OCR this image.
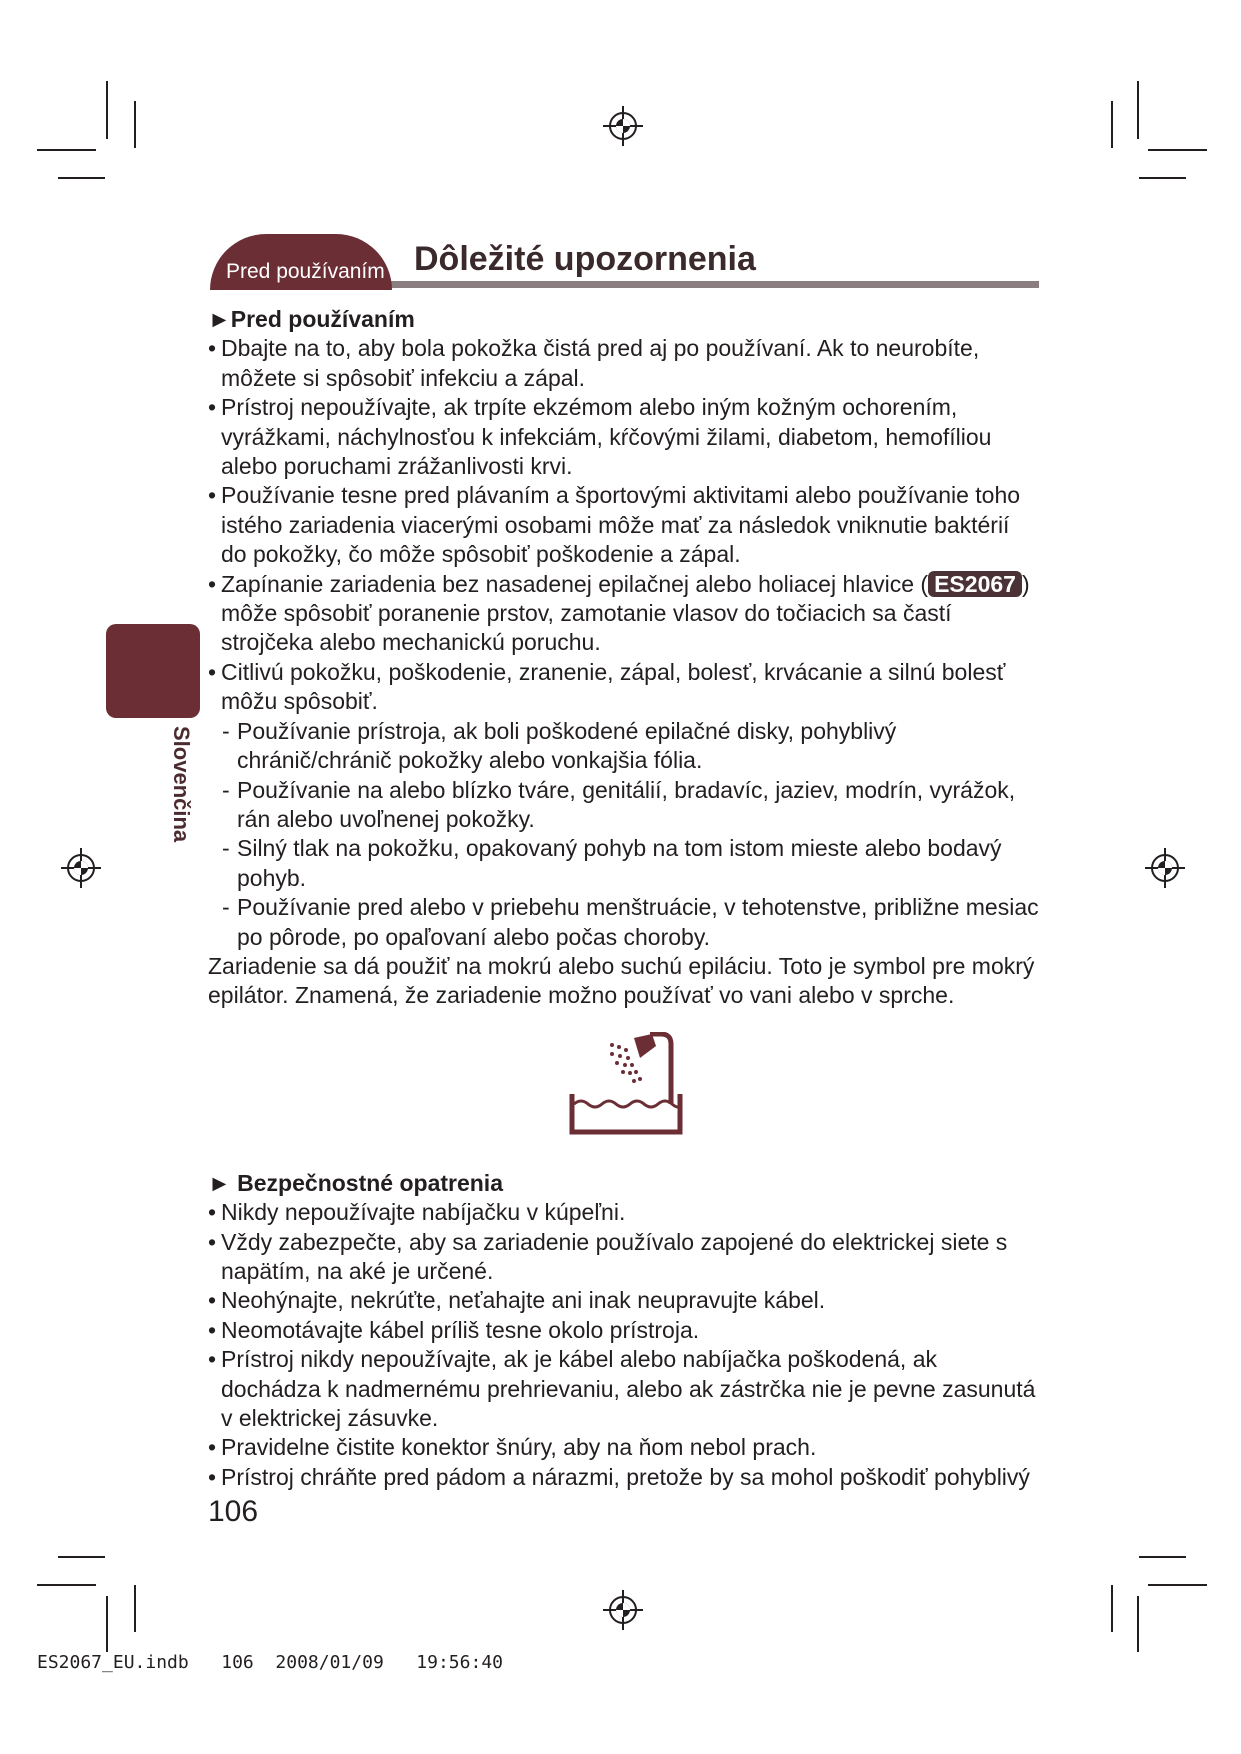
Pred používaním Dôležité upozornenia
Slovenčina

►Pred používaním

• Dbajte na to, aby bola pokožka čistá pred aj po používaní. Ak to neurobíte, môžete si spôsobiť infekciu a zápal.

• Prístroj nepoužívajte, ak trpíte ekzémom alebo iným kožným ochorením, vyrážkami, náchylnosťou k infekciám, kŕčovými žilami, diabetom, hemofíliou alebo poruchami zrážanlivosti krvi.

• Používanie tesne pred plávaním a športovými aktivitami alebo používanie toho istého zariadenia viacerými osobami môže mať za následok vniknutie baktérií do pokožky, čo môže spôsobiť poškodenie a zápal.

• Zapínanie zariadenia bez nasadenej epilačnej alebo holiacej hlavice ( ES2067 ) môže spôsobiť poranenie prstov, zamotanie vlasov do točiacich sa častí strojčeka alebo mechanickú poruchu.

• Citlivú pokožku, poškodenie, zranenie, zápal, bolesť, krvácanie a silnú bolesť môžu spôsobiť.

- Používanie prístroja, ak boli poškodené epilačné disky, pohyblivý chránič/chránič pokožky alebo vonkajšia fólia.

- Používanie na alebo blízko tváre, genitálií, bradavíc, jaziev, modrín, vyrážok, rán alebo uvoľnenej pokožky.

- Silný tlak na pokožku, opakovaný pohyb na tom istom mieste alebo bodavý pohyb.

- Používanie pred alebo v priebehu menštruácie, v tehotenstve, približne mesiac po pôrode, po opaľovaní alebo počas choroby.

Zariadenie sa dá použiť na mokrú alebo suchú epiláciu. Toto je symbol pre mokrý epilátor. Znamená, že zariadenie možno používať vo vani alebo v sprche.

► Bezpečnostné opatrenia

• Nikdy nepoužívajte nabíjačku v kúpeľni.

• Vždy zabezpečte, aby sa zariadenie používalo zapojené do elektrickej siete s napätím, na aké je určené.

• Neohýnajte, nekrúťte, neťahajte ani inak neupravujte kábel.

• Neomotávajte kábel príliš tesne okolo prístroja.

• Prístroj nikdy nepoužívajte, ak je kábel alebo nabíjačka poškodená, ak dochádza k nadmernému prehrievaniu, alebo ak zástrčka nie je pevne zasunutá v elektrickej zásuvke.

• Pravidelne čistite konektor šnúry, aby na ňom nebol prach.

• Prístroj chráňte pred pádom a nárazmi, pretože by sa mohol poškodiť pohyblivý

106
ES2067_EU.indb   106  2008/01/09   19:56:40
